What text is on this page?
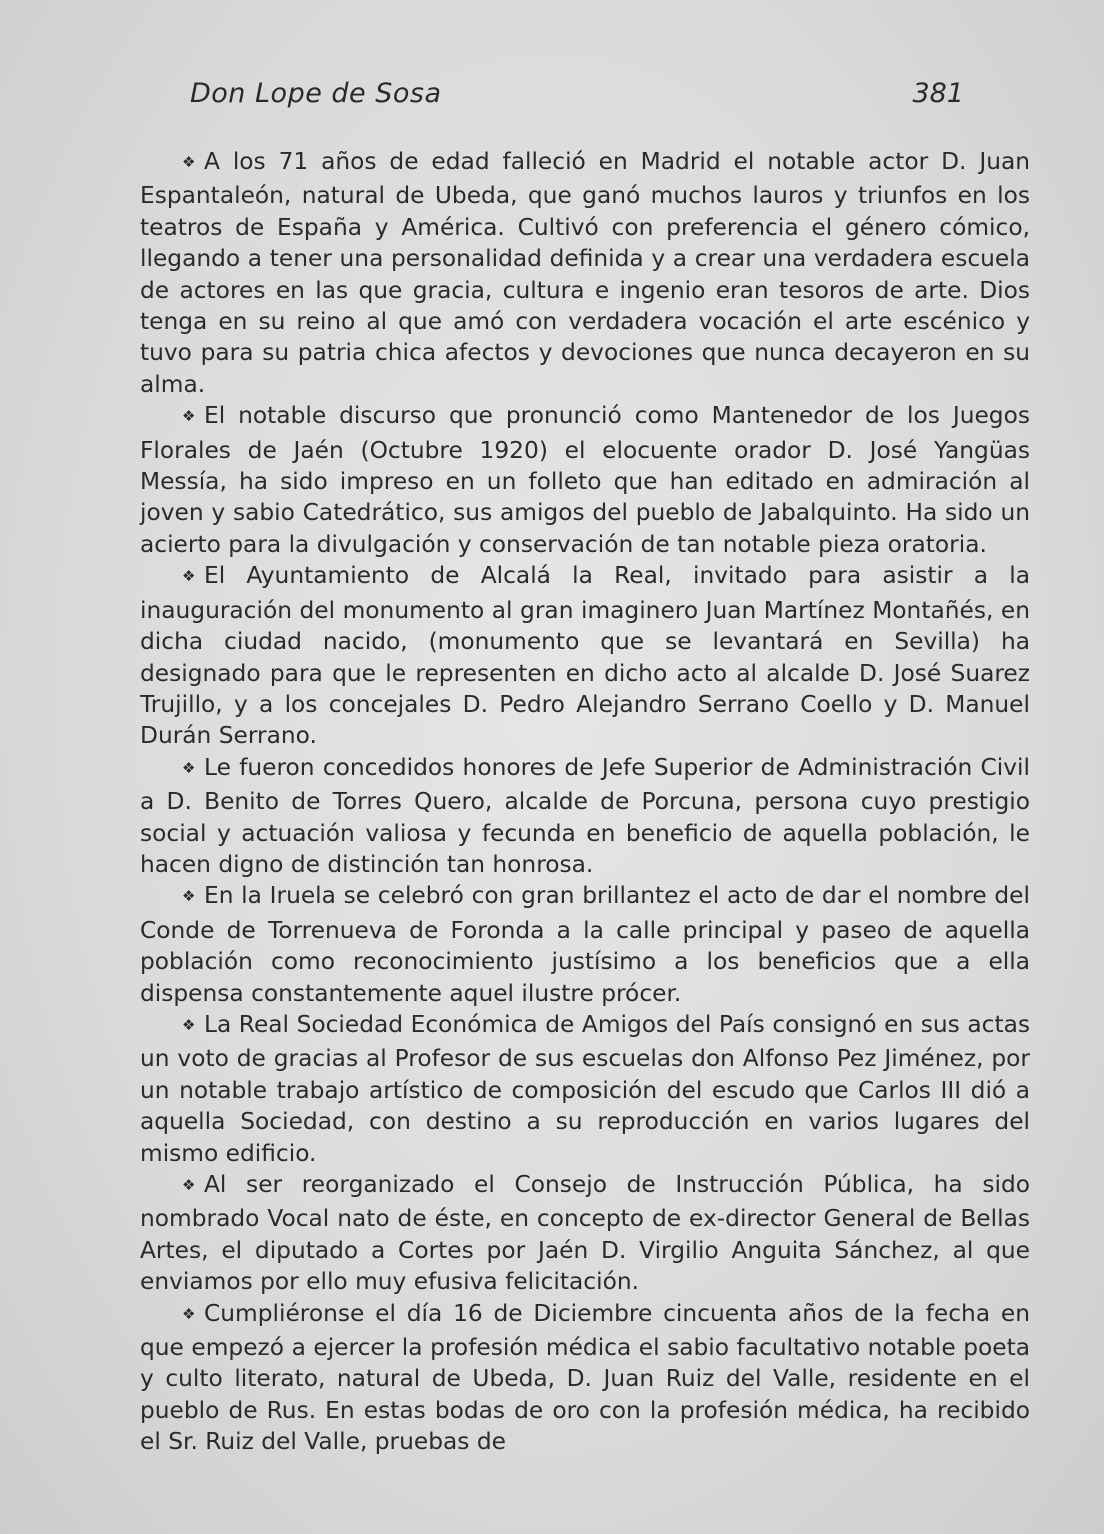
Don Lope de Sosa	381

❖ A los 71 años de edad falleció en Madrid el notable actor D. Juan Espantaleón, natural de Ubeda, que ganó muchos lauros y triunfos en los teatros de España y América. Cultivó con preferencia el género cómico, llegando a tener una personalidad definida y a crear una verdadera escuela de actores en las que gracia, cultura e ingenio eran tesoros de arte. Dios tenga en su reino al que amó con verdadera vocación el arte escénico y tuvo para su patria chica afectos y devociones que nunca decayeron en su alma.

❖ El notable discurso que pronunció como Mantenedor de los Juegos Florales de Jaén (Octubre 1920) el elocuente orador D. José Yangüas Messía, ha sido impreso en un folleto que han editado en admiración al joven y sabio Catedrático, sus amigos del pueblo de Jabalquinto. Ha sido un acierto para la divulgación y conservación de tan notable pieza oratoria.

❖ El Ayuntamiento de Alcalá la Real, invitado para asistir a la inauguración del monumento al gran imaginero Juan Martínez Montañés, en dicha ciudad nacido, (monumento que se levantará en Sevilla) ha designado para que le representen en dicho acto al alcalde D. José Suarez Trujillo, y a los concejales D. Pedro Alejandro Serrano Coello y D. Manuel Durán Serrano.

❖ Le fueron concedidos honores de Jefe Superior de Administración Civil a D. Benito de Torres Quero, alcalde de Porcuna, persona cuyo prestigio social y actuación valiosa y fecunda en beneficio de aquella población, le hacen digno de distinción tan honrosa.

❖ En la Iruela se celebró con gran brillantez el acto de dar el nombre del Conde de Torrenueva de Foronda a la calle principal y paseo de aquella población como reconocimiento justísimo a los beneficios que a ella dispensa constantemente aquel ilustre prócer.

❖ La Real Sociedad Económica de Amigos del País consignó en sus actas un voto de gracias al Profesor de sus escuelas don Alfonso Pez Jiménez, por un notable trabajo artístico de composición del escudo que Carlos III dió a aquella Sociedad, con destino a su reproducción en varios lugares del mismo edificio.

❖ Al ser reorganizado el Consejo de Instrucción Pública, ha sido nombrado Vocal nato de éste, en concepto de ex-director General de Bellas Artes, el diputado a Cortes por Jaén D. Virgilio Anguita Sánchez, al que enviamos por ello muy efusiva felicitación.

❖ Cumpliéronse el día 16 de Diciembre cincuenta años de la fecha en que empezó a ejercer la profesión médica el sabio facultativo notable poeta y culto literato, natural de Ubeda, D. Juan Ruiz del Valle, residente en el pueblo de Rus. En estas bodas de oro con la profesión médica, ha recibido el Sr. Ruiz del Valle, pruebas de
